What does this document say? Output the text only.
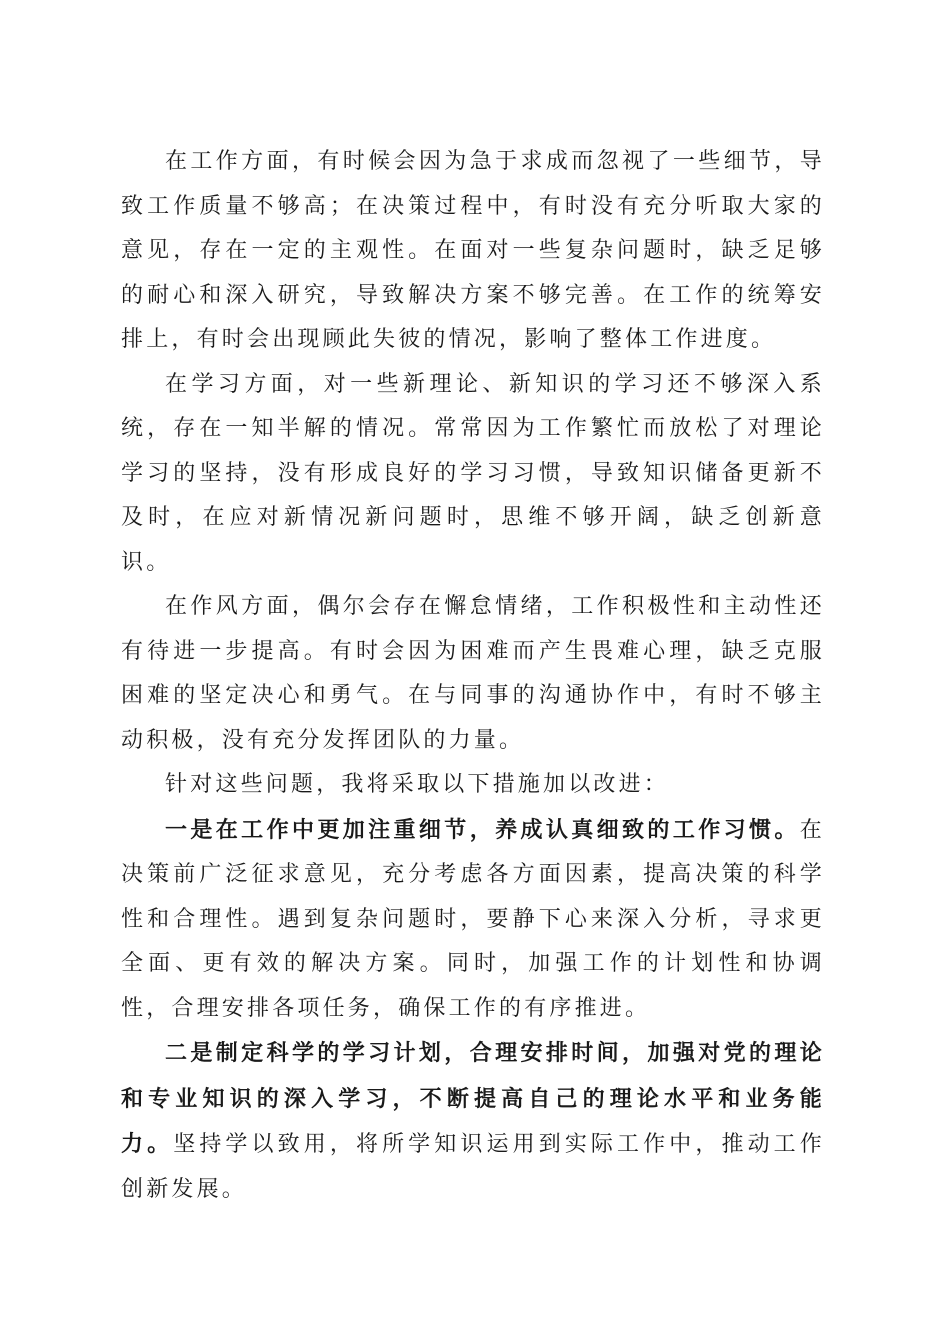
在工作方面，有时候会因为急于求成而忽视了一些细节，导致工作质量不够高；在决策过程中，有时没有充分听取大家的意见，存在一定的主观性。在面对一些复杂问题时，缺乏足够的耐心和深入研究，导致解决方案不够完善。在工作的统筹安排上，有时会出现顾此失彼的情况，影响了整体工作进度。

在学习方面，对一些新理论、新知识的学习还不够深入系统，存在一知半解的情况。常常因为工作繁忙而放松了对理论学习的坚持，没有形成良好的学习习惯，导致知识储备更新不及时，在应对新情况新问题时，思维不够开阔，缺乏创新意识。

在作风方面，偶尔会存在懈怠情绪，工作积极性和主动性还有待进一步提高。有时会因为困难而产生畏难心理，缺乏克服困难的坚定决心和勇气。在与同事的沟通协作中，有时不够主动积极，没有充分发挥团队的力量。

针对这些问题，我将采取以下措施加以改进：

一是在工作中更加注重细节，养成认真细致的工作习惯。在决策前广泛征求意见，充分考虑各方面因素，提高决策的科学性和合理性。遇到复杂问题时，要静下心来深入分析，寻求更全面、更有效的解决方案。同时，加强工作的计划性和协调性，合理安排各项任务，确保工作的有序推进。

二是制定科学的学习计划，合理安排时间，加强对党的理论和专业知识的深入学习，不断提高自己的理论水平和业务能力。坚持学以致用，将所学知识运用到实际工作中，推动工作创新发展。
